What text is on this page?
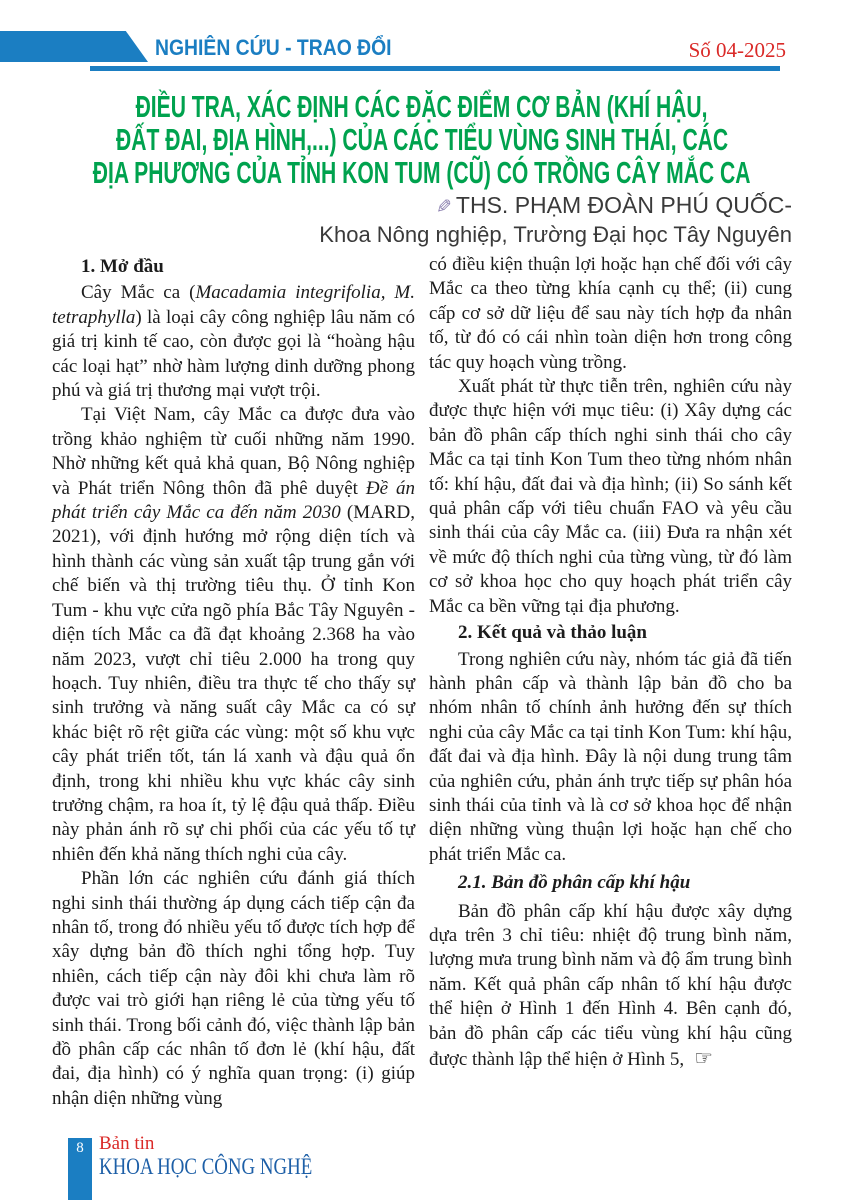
NGHIÊN CỨU - TRAO ĐỔI	Số 04-2025
ĐIỀU TRA, XÁC ĐỊNH CÁC ĐẶC ĐIỂM CƠ BẢN (KHÍ HẬU,
ĐẤT ĐAI, ĐỊA HÌNH,...) CỦA CÁC TIỂU VÙNG SINH THÁI, CÁC
ĐỊA PHƯƠNG CỦA TỈNH KON TUM (CŨ) CÓ TRỒNG CÂY MẮC CA
✎ THS. PHẠM ĐOÀN PHÚ QUỐC-
Khoa Nông nghiệp, Trường Đại học Tây Nguyên

1. Mở đầu

Cây Mắc ca (Macadamia integrifolia, M. tetraphylla) là loại cây công nghiệp lâu năm có giá trị kinh tế cao, còn được gọi là “hoàng hậu các loại hạt” nhờ hàm lượng dinh dưỡng phong phú và giá trị thương mại vượt trội.

Tại Việt Nam, cây Mắc ca được đưa vào trồng khảo nghiệm từ cuối những năm 1990. Nhờ những kết quả khả quan, Bộ Nông nghiệp và Phát triển Nông thôn đã phê duyệt Đề án phát triển cây Mắc ca đến năm 2030 (MARD, 2021), với định hướng mở rộng diện tích và hình thành các vùng sản xuất tập trung gắn với chế biến và thị trường tiêu thụ. Ở tỉnh Kon Tum - khu vực cửa ngõ phía Bắc Tây Nguyên - diện tích Mắc ca đã đạt khoảng 2.368 ha vào năm 2023, vượt chỉ tiêu 2.000 ha trong quy hoạch. Tuy nhiên, điều tra thực tế cho thấy sự sinh trưởng và năng suất cây Mắc ca có sự khác biệt rõ rệt giữa các vùng: một số khu vực cây phát triển tốt, tán lá xanh và đậu quả ổn định, trong khi nhiều khu vực khác cây sinh trưởng chậm, ra hoa ít, tỷ lệ đậu quả thấp. Điều này phản ánh rõ sự chi phối của các yếu tố tự nhiên đến khả năng thích nghi của cây.

Phần lớn các nghiên cứu đánh giá thích nghi sinh thái thường áp dụng cách tiếp cận đa nhân tố, trong đó nhiều yếu tố được tích hợp để xây dựng bản đồ thích nghi tổng hợp. Tuy nhiên, cách tiếp cận này đôi khi chưa làm rõ được vai trò giới hạn riêng lẻ của từng yếu tố sinh thái. Trong bối cảnh đó, việc thành lập bản đồ phân cấp các nhân tố đơn lẻ (khí hậu, đất đai, địa hình) có ý nghĩa quan trọng: (i) giúp nhận diện những vùng

có điều kiện thuận lợi hoặc hạn chế đối với cây Mắc ca theo từng khía cạnh cụ thể; (ii) cung cấp cơ sở dữ liệu để sau này tích hợp đa nhân tố, từ đó có cái nhìn toàn diện hơn trong công tác quy hoạch vùng trồng.

Xuất phát từ thực tiễn trên, nghiên cứu này được thực hiện với mục tiêu: (i) Xây dựng các bản đồ phân cấp thích nghi sinh thái cho cây Mắc ca tại tỉnh Kon Tum theo từng nhóm nhân tố: khí hậu, đất đai và địa hình; (ii) So sánh kết quả phân cấp với tiêu chuẩn FAO và yêu cầu sinh thái của cây Mắc ca. (iii) Đưa ra nhận xét về mức độ thích nghi của từng vùng, từ đó làm cơ sở khoa học cho quy hoạch phát triển cây Mắc ca bền vững tại địa phương.

2. Kết quả và thảo luận

Trong nghiên cứu này, nhóm tác giả đã tiến hành phân cấp và thành lập bản đồ cho ba nhóm nhân tố chính ảnh hưởng đến sự thích nghi của cây Mắc ca tại tỉnh Kon Tum: khí hậu, đất đai và địa hình. Đây là nội dung trung tâm của nghiên cứu, phản ánh trực tiếp sự phân hóa sinh thái của tỉnh và là cơ sở khoa học để nhận diện những vùng thuận lợi hoặc hạn chế cho phát triển Mắc ca.

2.1. Bản đồ phân cấp khí hậu

Bản đồ phân cấp khí hậu được xây dựng dựa trên 3 chỉ tiêu: nhiệt độ trung bình năm, lượng mưa trung bình năm và độ ẩm trung bình năm. Kết quả phân cấp nhân tố khí hậu được thể hiện ở Hình 1 đến Hình 4. Bên cạnh đó, bản đồ phân cấp các tiểu vùng khí hậu cũng được thành lập thể hiện ở Hình 5, ☞

8 Bản tin
KHOA HỌC CÔNG NGHỆ
